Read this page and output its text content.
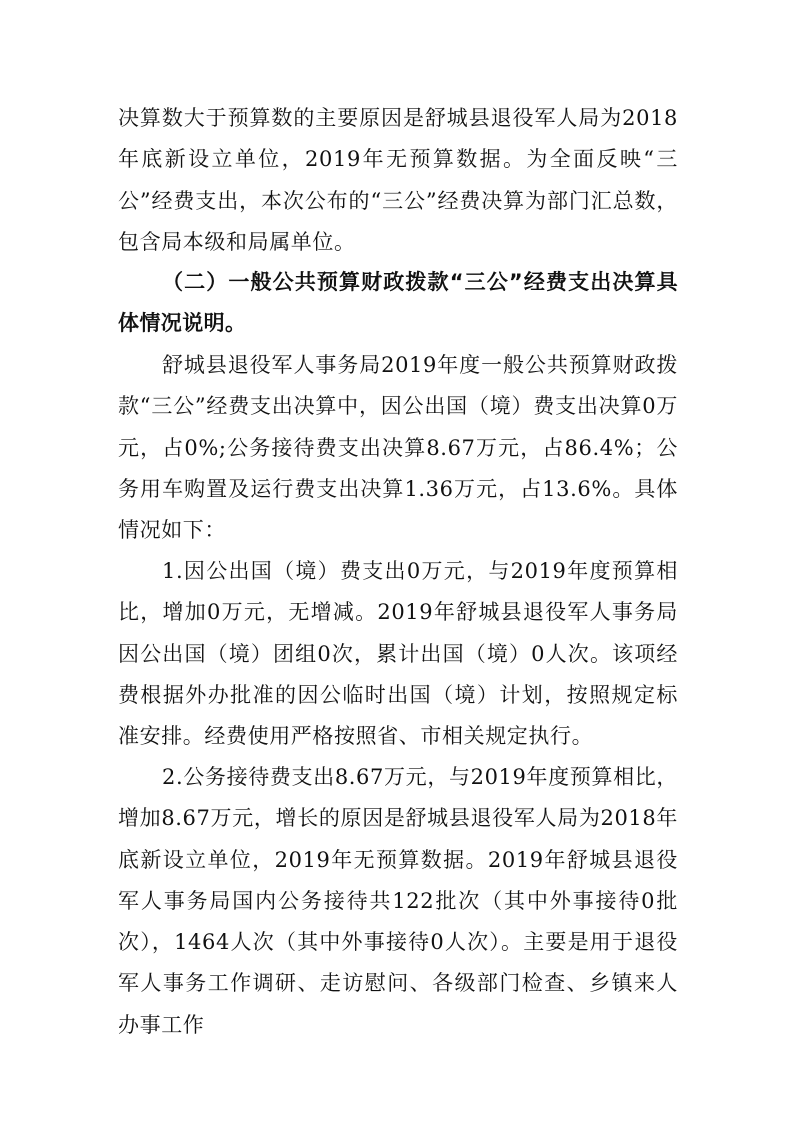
决算数大于预算数的主要原因是舒城县退役军人局为2018年底新设立单位，2019年无预算数据。为全面反映“三公”经费支出，本次公布的“三公”经费决算为部门汇总数，包含局本级和局属单位。

（二）一般公共预算财政拨款“三公”经费支出决算具体情况说明。

舒城县退役军人事务局2019年度一般公共预算财政拨款“三公”经费支出决算中，因公出国（境）费支出决算0万元，占0%;公务接待费支出决算8.67万元，占86.4%；公务用车购置及运行费支出决算1.36万元，占13.6%。具体情况如下：

1.因公出国（境）费支出0万元，与2019年度预算相比，增加0万元，无增减。2019年舒城县退役军人事务局因公出国（境）团组0次，累计出国（境）0人次。该项经费根据外办批准的因公临时出国（境）计划，按照规定标准安排。经费使用严格按照省、市相关规定执行。

2.公务接待费支出8.67万元，与2019年度预算相比，增加8.67万元，增长的原因是舒城县退役军人局为2018年底新设立单位，2019年无预算数据。2019年舒城县退役军人事务局国内公务接待共122批次（其中外事接待0批次），1464人次（其中外事接待0人次）。主要是用于退役军人事务工作调研、走访慰问、各级部门检查、乡镇来人办事工作
